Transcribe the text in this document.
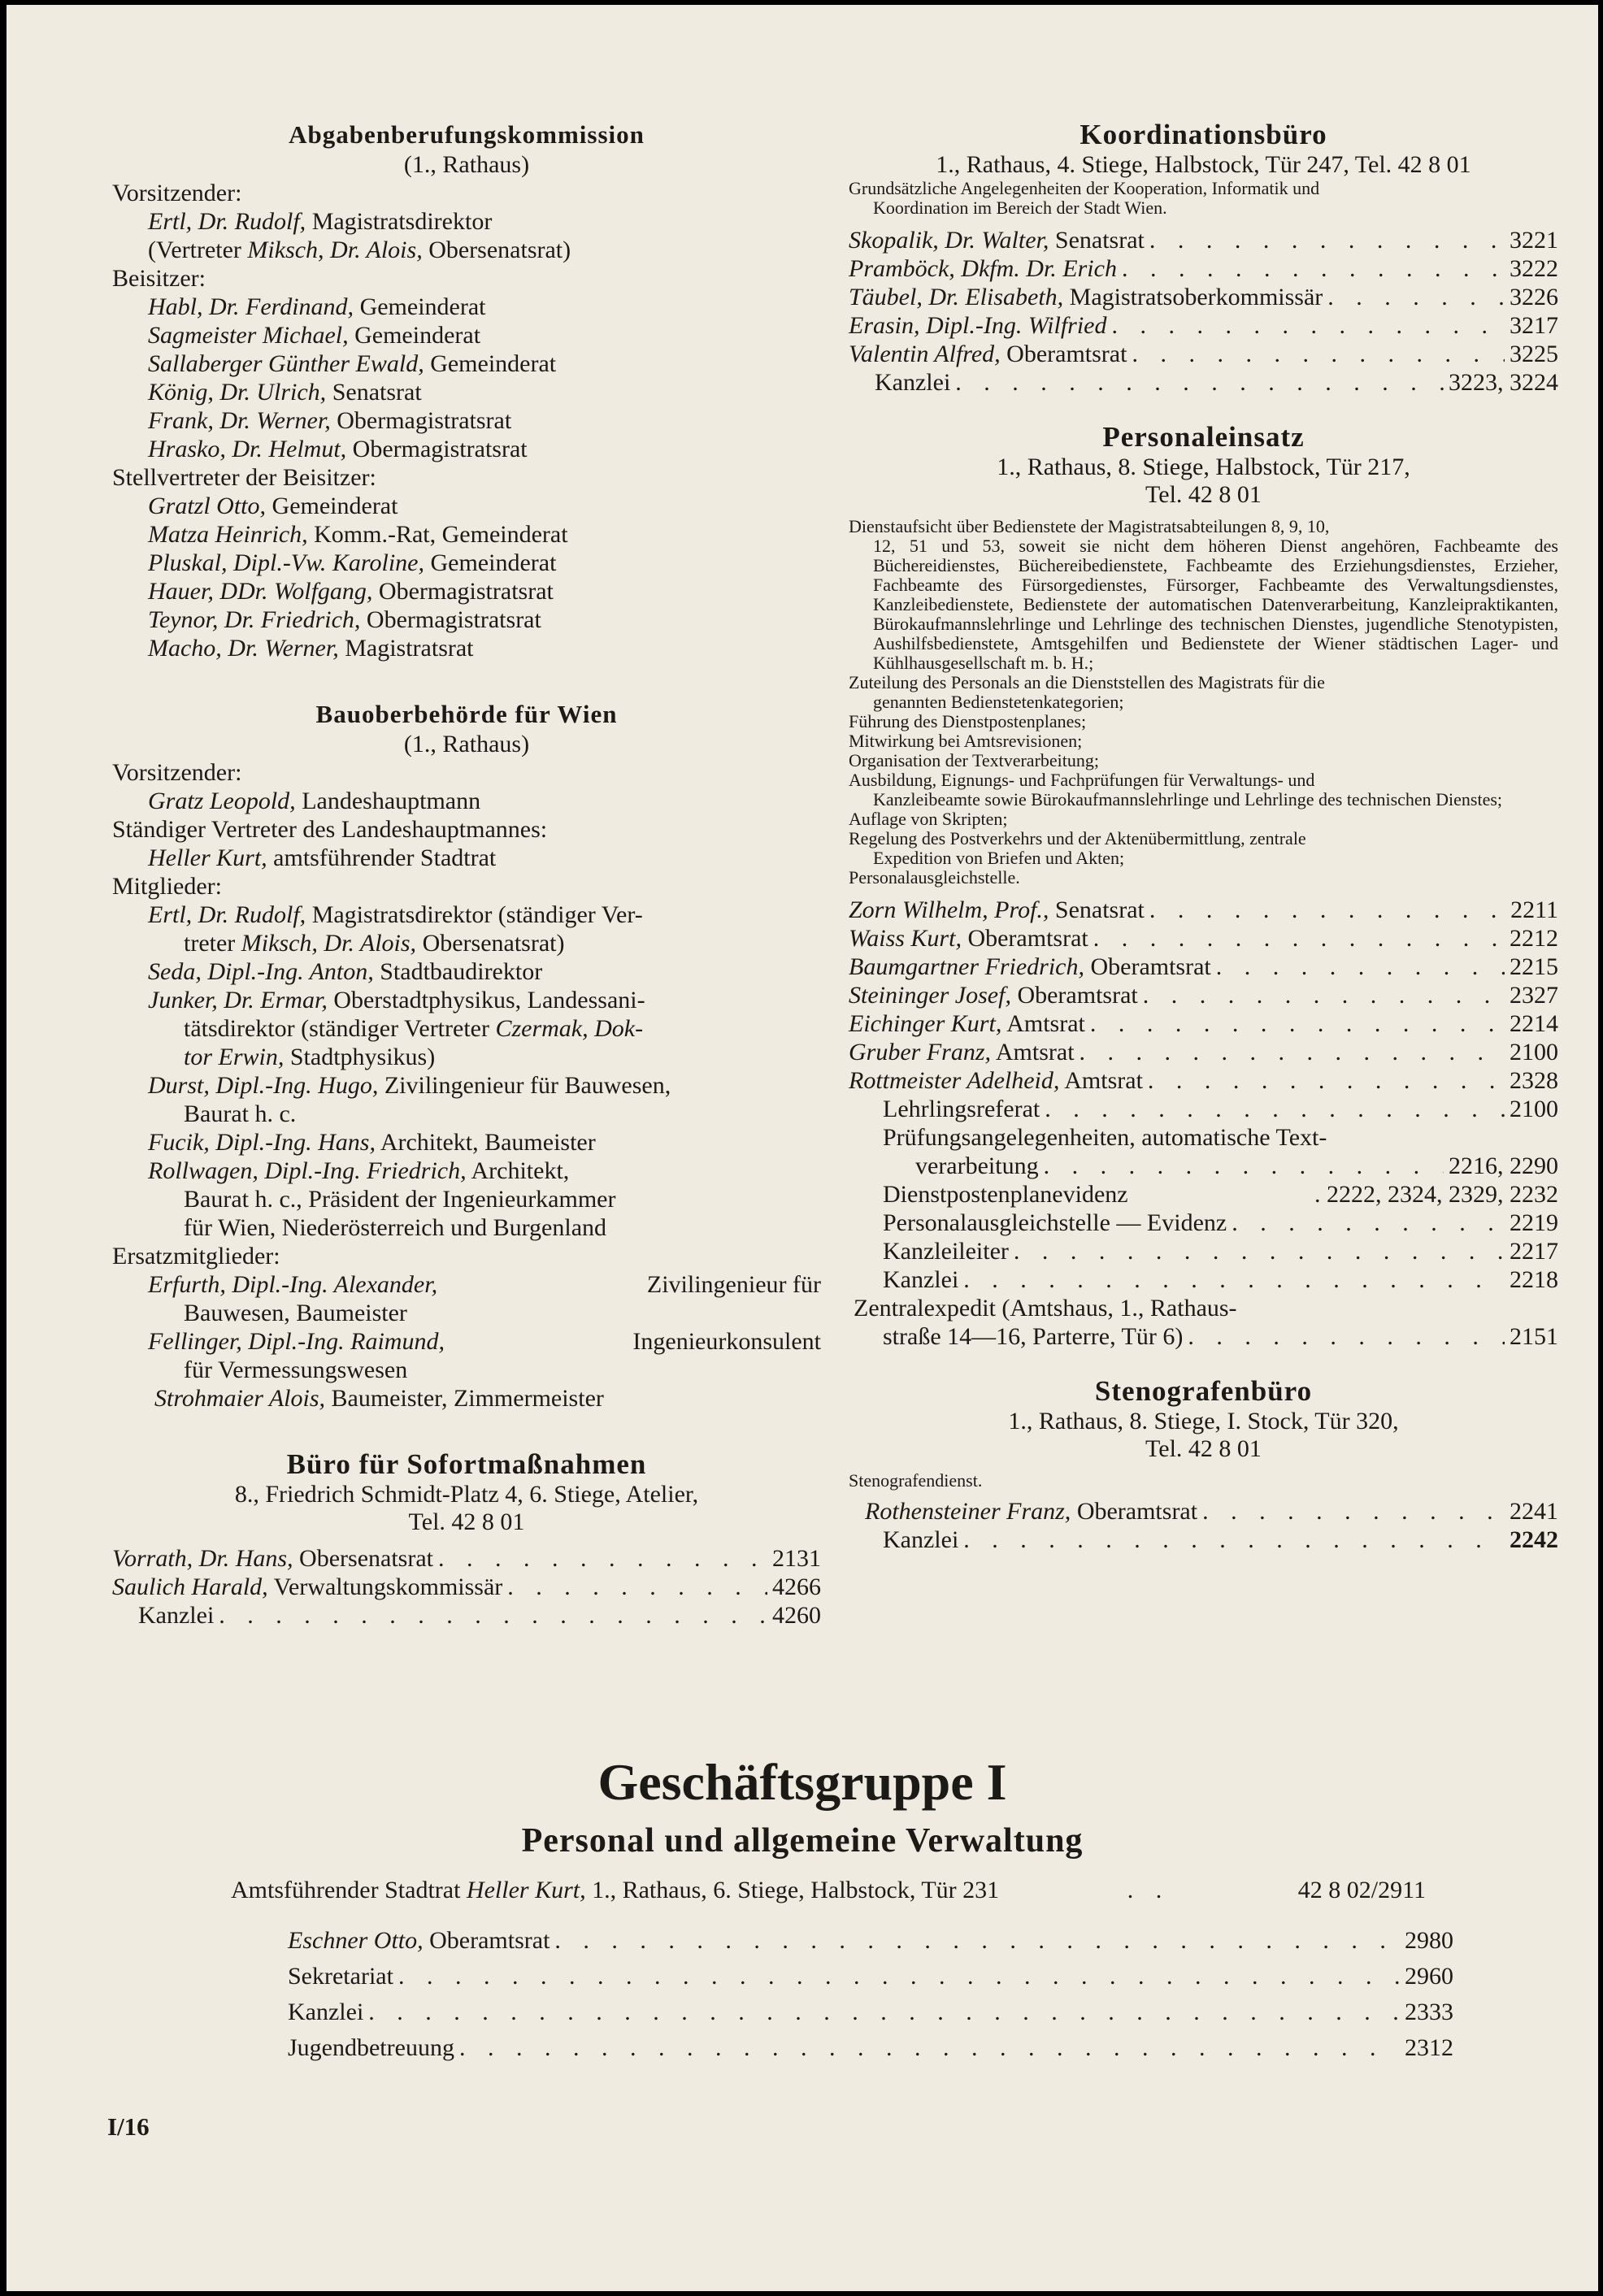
Abgabenberufungskommission
(1., Rathaus)
Vorsitzender:
Ertl, Dr. Rudolf, Magistratsdirektor
(Vertreter Miksch, Dr. Alois, Obersenatsrat)
Beisitzer:
Habl, Dr. Ferdinand, Gemeinderat
Sagmeister Michael, Gemeinderat
Sallaberger Günther Ewald, Gemeinderat
König, Dr. Ulrich, Senatsrat
Frank, Dr. Werner, Obermagistratsrat
Hrasko, Dr. Helmut, Obermagistratsrat
Stellvertreter der Beisitzer:
Gratzl Otto, Gemeinderat
Matza Heinrich, Komm.-Rat, Gemeinderat
Pluskal, Dipl.-Vw. Karoline, Gemeinderat
Hauer, DDr. Wolfgang, Obermagistratsrat
Teynor, Dr. Friedrich, Obermagistratsrat
Macho, Dr. Werner, Magistratsrat
Bauoberbehörde für Wien
(1., Rathaus)
Vorsitzender:
Gratz Leopold, Landeshauptmann
Ständiger Vertreter des Landeshauptmannes:
Heller Kurt, amtsführender Stadtrat
Mitglieder:
Ertl, Dr. Rudolf, Magistratsdirektor (ständiger Ver-
treter Miksch, Dr. Alois, Obersenatsrat)
Seda, Dipl.-Ing. Anton, Stadtbaudirektor
Junker, Dr. Ermar, Oberstadtphysikus, Landessani-
tätsdirektor (ständiger Vertreter Czermak, Dok-
tor Erwin, Stadtphysikus)
Durst, Dipl.-Ing. Hugo, Zivilingenieur für Bauwesen,
Baurat h. c.
Fucik, Dipl.-Ing. Hans, Architekt, Baumeister
Rollwagen, Dipl.-Ing. Friedrich, Architekt,
Baurat h. c., Präsident der Ingenieurkammer
für Wien, Niederösterreich und Burgenland
Ersatzmitglieder:
Erfurth, Dipl.-Ing. Alexander,	Zivilingenieur für
Bauwesen, Baumeister
Fellinger, Dipl.-Ing. Raimund,	Ingenieurkonsulent
für Vermessungswesen
Strohmaier Alois, Baumeister, Zimmermeister
Büro für Sofortmaßnahmen
8., Friedrich Schmidt-Platz 4, 6. Stiege, Atelier,
Tel. 42 8 01
Vorrath, Dr. Hans, Obersenatsrat . . .	2131
Saulich Harald, Verwaltungskommissär . . .	4266
Kanzlei . . .	4260
Koordinationsbüro
1., Rathaus, 4. Stiege, Halbstock, Tür 247, Tel. 42 8 01
Grundsätzliche Angelegenheiten der Kooperation, Informatik und
Koordination im Bereich der Stadt Wien.
Skopalik, Dr. Walter, Senatsrat . . .	3221
Pramböck, Dkfm. Dr. Erich . . .	3222
Täubel, Dr. Elisabeth, Magistratsoberkommissär . . .	3226
Erasin, Dipl.-Ing. Wilfried . . .	3217
Valentin Alfred, Oberamtsrat . . .	3225
Kanzlei . . .	3223, 3224
Personaleinsatz
1., Rathaus, 8. Stiege, Halbstock, Tür 217,
Tel. 42 8 01
Dienstaufsicht über Bedienstete der Magistratsabteilungen 8, 9, 10,
12, 51 und 53, soweit sie nicht dem höheren Dienst angehören, Fachbeamte des Büchereidienstes, Büchereibedienstete, Fachbeamte des Erziehungsdienstes, Erzieher, Fachbeamte des Fürsorgedienstes, Fürsorger, Fachbeamte des Verwaltungsdienstes, Kanzleibedienstete, Bedienstete der automatischen Datenverarbeitung, Kanzleipraktikanten, Bürokaufmannslehrlinge und Lehrlinge des technischen Dienstes, jugendliche Stenotypisten, Aushilfsbedienstete, Amtsgehilfen und Bedienstete der Wiener städtischen Lager- und Kühlhausgesellschaft m. b. H.;
Zuteilung des Personals an die Dienststellen des Magistrats für die
genannten Bedienstetenkategorien;
Führung des Dienstpostenplanes;
Mitwirkung bei Amtsrevisionen;
Organisation der Textverarbeitung;
Ausbildung, Eignungs- und Fachprüfungen für Verwaltungs- und
Kanzleibeamte sowie Bürokaufmannslehrlinge und Lehrlinge des technischen Dienstes;
Auflage von Skripten;
Regelung des Postverkehrs und der Aktenübermittlung, zentrale
Expedition von Briefen und Akten;
Personalausgleichstelle.
Zorn Wilhelm, Prof., Senatsrat . . .	2211
Waiss Kurt, Oberamtsrat . . .	2212
Baumgartner Friedrich, Oberamtsrat . . .	2215
Steininger Josef, Oberamtsrat . . .	2327
Eichinger Kurt, Amtsrat . . .	2214
Gruber Franz, Amtsrat . . .	2100
Rottmeister Adelheid, Amtsrat . . .	2328
Lehrlingsreferat . . .	2100
Prüfungsangelegenheiten, automatische Text-
verarbeitung . . .	2216, 2290
Dienstpostenplanevidenz	. 2222, 2324, 2329, 2232
Personalausgleichstelle — Evidenz . . .	2219
Kanzleileiter . . .	2217
Kanzlei . . .	2218
Zentralexpedit (Amtshaus, 1., Rathaus-
straße 14—16, Parterre, Tür 6) . . .	2151
Stenografenbüro
1., Rathaus, 8. Stiege, I. Stock, Tür 320,
Tel. 42 8 01
Stenografendienst.
Rothensteiner Franz, Oberamtsrat . . .	2241
Kanzlei . . .	2242
Geschäftsgruppe I
Personal und allgemeine Verwaltung
Amtsführender Stadtrat Heller Kurt, 1., Rathaus, 6. Stiege, Halbstock, Tür 231	. .	42 8 02/2911
Eschner Otto, Oberamtsrat . . .	2980
Sekretariat . . .	2960
Kanzlei . . .	2333
Jugendbetreuung . . .	2312
I/16
